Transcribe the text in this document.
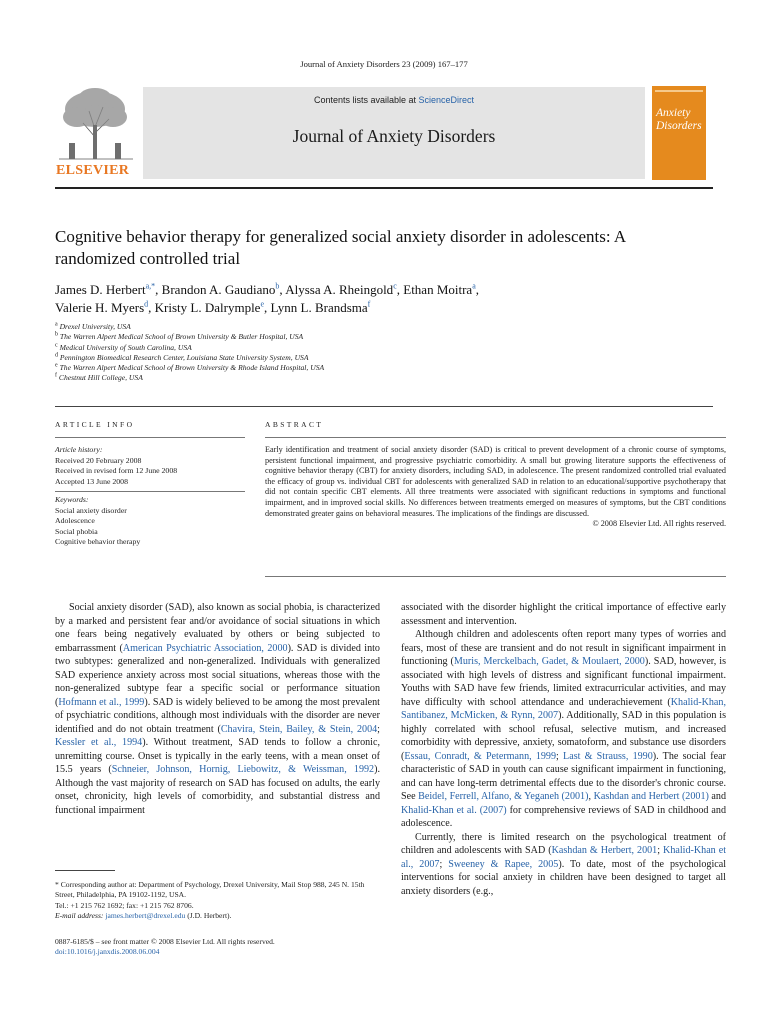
Journal of Anxiety Disorders 23 (2009) 167–177
ELSEVIER
Contents lists available at ScienceDirect
Journal of Anxiety Disorders
Anxiety
Disorders
Cognitive behavior therapy for generalized social anxiety disorder in adolescents: A randomized controlled trial
James D. Herbert$^{a,*}$, Brandon A. Gaudiano$^b$, Alyssa A. Rheingold$^c$, Ethan Moitra$^a$,
Valerie H. Myers$^d$, Kristy L. Dalrymple$^e$, Lynn L. Brandsma$^f$
$^a$ Drexel University, USA
$^b$ The Warren Alpert Medical School of Brown University & Butler Hospital, USA
$^c$ Medical University of South Carolina, USA
$^d$ Pennington Biomedical Research Center, Louisiana State University System, USA
$^e$ The Warren Alpert Medical School of Brown University & Rhode Island Hospital, USA
$^f$ Chestnut Hill College, USA
ARTICLE INFO	ABSTRACT
Article history:
Received 20 February 2008
Received in revised form 12 June 2008
Accepted 13 June 2008
Keywords:
Social anxiety disorder
Adolescence
Social phobia
Cognitive behavior therapy
Early identification and treatment of social anxiety disorder (SAD) is critical to prevent development of a chronic course of symptoms, persistent functional impairment, and progressive psychiatric comorbidity. A small but growing literature supports the effectiveness of cognitive behavior therapy (CBT) for anxiety disorders, including SAD, in adolescence. The present randomized controlled trial evaluated the efficacy of group vs. individual CBT for adolescents with generalized SAD in relation to an educational/supportive psychotherapy that did not contain specific CBT elements. All three treatments were associated with significant reductions in symptoms and functional impairment, and in improved social skills. No differences between treatments emerged on measures of symptoms, but the CBT conditions demonstrated greater gains on behavioral measures. The implications of the findings are discussed.
© 2008 Elsevier Ltd. All rights reserved.

Social anxiety disorder (SAD), also known as social phobia, is characterized by a marked and persistent fear and/or avoidance of social situations in which one fears being negatively evaluated by others or being subjected to embarrassment (American Psychiatric Association, 2000). SAD is divided into two subtypes: generalized and non-generalized. Individuals with generalized SAD experience anxiety across most social situations, whereas those with the non-generalized subtype fear a specific social or performance situation (Hofmann et al., 1999). SAD is widely believed to be among the most prevalent of psychiatric conditions, although most individuals with the disorder are never identified and do not obtain treatment (Chavira, Stein, Bailey, & Stein, 2004; Kessler et al., 1994). Without treatment, SAD tends to follow a chronic, unremitting course. Onset is typically in the early teens, with a mean onset of 15.5 years (Schneier, Johnson, Hornig, Liebowitz, & Weissman, 1992). Although the vast majority of research on SAD has focused on adults, the early onset, chronicity, high levels of comorbidity, and substantial distress and functional impairment

associated with the disorder highlight the critical importance of effective early assessment and intervention.

Although children and adolescents often report many types of worries and fears, most of these are transient and do not result in significant impairment in functioning (Muris, Merckelbach, Gadet, & Moulaert, 2000). SAD, however, is associated with high levels of distress and significant functional impairment. Youths with SAD have few friends, limited extracurricular activities, and may have difficulty with school attendance and underachievement (Khalid-Khan, Santibanez, McMicken, & Rynn, 2007). Additionally, SAD in this population is highly correlated with school refusal, selective mutism, and increased comorbidity with depressive, anxiety, somatoform, and substance use disorders (Essau, Conradt, & Petermann, 1999; Last & Strauss, 1990). The social fear characteristic of SAD in youth can cause significant impairment in functioning, and can have long-term detrimental effects due to the disorder's chronic course. See Beidel, Ferrell, Alfano, & Yeganeh (2001), Kashdan and Herbert (2001) and Khalid-Khan et al. (2007) for comprehensive reviews of SAD in childhood and adolescence.

Currently, there is limited research on the psychological treatment of children and adolescents with SAD (Kashdan & Herbert, 2001; Khalid-Khan et al., 2007; Sweeney & Rapee, 2005). To date, most of the psychological interventions for social anxiety in children have been designed to target all anxiety disorders (e.g.,

* Corresponding author at: Department of Psychology, Drexel University, Mail Stop 988, 245 N. 15th Street, Philadelphia, PA 19102-1192, USA.
Tel.: +1 215 762 1692; fax: +1 215 762 8706.
E-mail address: james.herbert@drexel.edu (J.D. Herbert).
0887-6185/$ – see front matter © 2008 Elsevier Ltd. All rights reserved.
doi:10.1016/j.janxdis.2008.06.004
